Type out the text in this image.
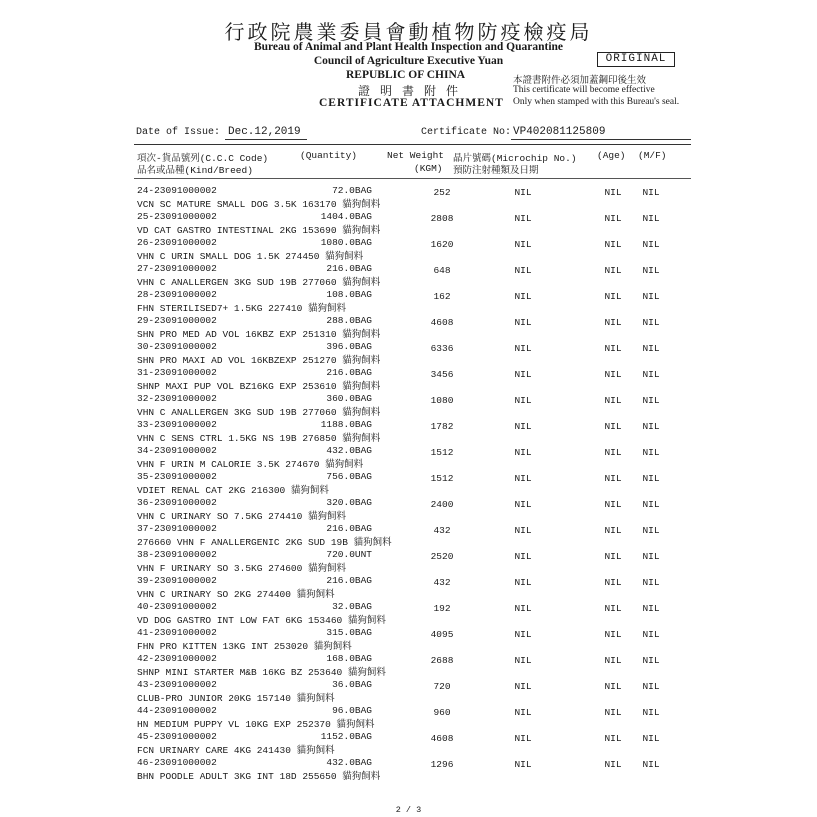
行政院農業委員會動植物防疫檢疫局
Bureau of Animal and Plant Health Inspection and Quarantine
Council of Agriculture Executive Yuan
REPUBLIC OF CHINA
證明書附件
CERTIFICATE ATTACHMENT
ORIGINAL
本證書附件必須加蓋鋼印後生效
This certificate will become effective
Only when stamped with this Bureau's seal.
Date of Issue: Dec.12,2019	Certificate No: VP402081125809
項次-貨品號列(C.C.C Code)
品名或品種(Kind/Breed)
(Quantity)	Net Weight
(KGM)
晶片號碼(Microchip No.)
預防注射種類及日期
(Age) (M/F)
24-23091000002	72.0BAG
VCN SC MATURE SMALL DOG 3.5K 163170 貓狗飼料
252	NIL	NIL	NIL
25-23091000002	1404.0BAG
VD CAT GASTRO INTESTINAL 2KG 153690 貓狗飼料
2808	NIL	NIL	NIL
26-23091000002	1080.0BAG
VHN C URIN SMALL DOG 1.5K 274450 貓狗飼料
1620	NIL	NIL	NIL
27-23091000002	216.0BAG
VHN C ANALLERGEN 3KG SUD 19B 277060 貓狗飼料
648	NIL	NIL	NIL
28-23091000002	108.0BAG
FHN STERILISED7+ 1.5KG 227410 貓狗飼料
162	NIL	NIL	NIL
29-23091000002	288.0BAG
SHN PRO MED AD VOL 16KBZ EXP 251310 貓狗飼料
4608	NIL	NIL	NIL
30-23091000002	396.0BAG
SHN PRO MAXI AD VOL 16KBZEXP 251270 貓狗飼料
6336	NIL	NIL	NIL
31-23091000002	216.0BAG
SHNP MAXI PUP VOL BZ16KG EXP 253610 貓狗飼料
3456	NIL	NIL	NIL
32-23091000002	360.0BAG
VHN C ANALLERGEN 3KG SUD 19B 277060 貓狗飼料
1080	NIL	NIL	NIL
33-23091000002	1188.0BAG
VHN C SENS CTRL 1.5KG NS 19B 276850 貓狗飼料
1782	NIL	NIL	NIL
34-23091000002	432.0BAG
VHN F URIN M CALORIE 3.5K 274670 貓狗飼料
1512	NIL	NIL	NIL
35-23091000002	756.0BAG
VDIET RENAL CAT 2KG 216300 貓狗飼料
1512	NIL	NIL	NIL
36-23091000002	320.0BAG
VHN C URINARY SO 7.5KG 274410 貓狗飼料
2400	NIL	NIL	NIL
37-23091000002	216.0BAG
276660 VHN F ANALLERGENIC 2KG SUD 19B 貓狗飼料
432	NIL	NIL	NIL
38-23091000002	720.0UNT
VHN F URINARY SO 3.5KG 274600 貓狗飼料
2520	NIL	NIL	NIL
39-23091000002	216.0BAG
VHN C URINARY SO 2KG 274400 貓狗飼料
432	NIL	NIL	NIL
40-23091000002	32.0BAG
VD DOG GASTRO INT LOW FAT 6KG 153460 貓狗飼料
192	NIL	NIL	NIL
41-23091000002	315.0BAG
FHN PRO KITTEN 13KG INT 253020 貓狗飼料
4095	NIL	NIL	NIL
42-23091000002	168.0BAG
SHNP MINI STARTER M&B 16KG BZ 253640 貓狗飼料
2688	NIL	NIL	NIL
43-23091000002	36.0BAG
CLUB-PRO JUNIOR 20KG 157140 貓狗飼料
720	NIL	NIL	NIL
44-23091000002	96.0BAG
HN MEDIUM PUPPY VL 10KG EXP 252370 貓狗飼料
960	NIL	NIL	NIL
45-23091000002	1152.0BAG
FCN URINARY CARE 4KG 241430 貓狗飼料
4608	NIL	NIL	NIL
46-23091000002	432.0BAG
BHN POODLE ADULT 3KG INT 18D 255650 貓狗飼料
1296	NIL	NIL	NIL
2 / 3
